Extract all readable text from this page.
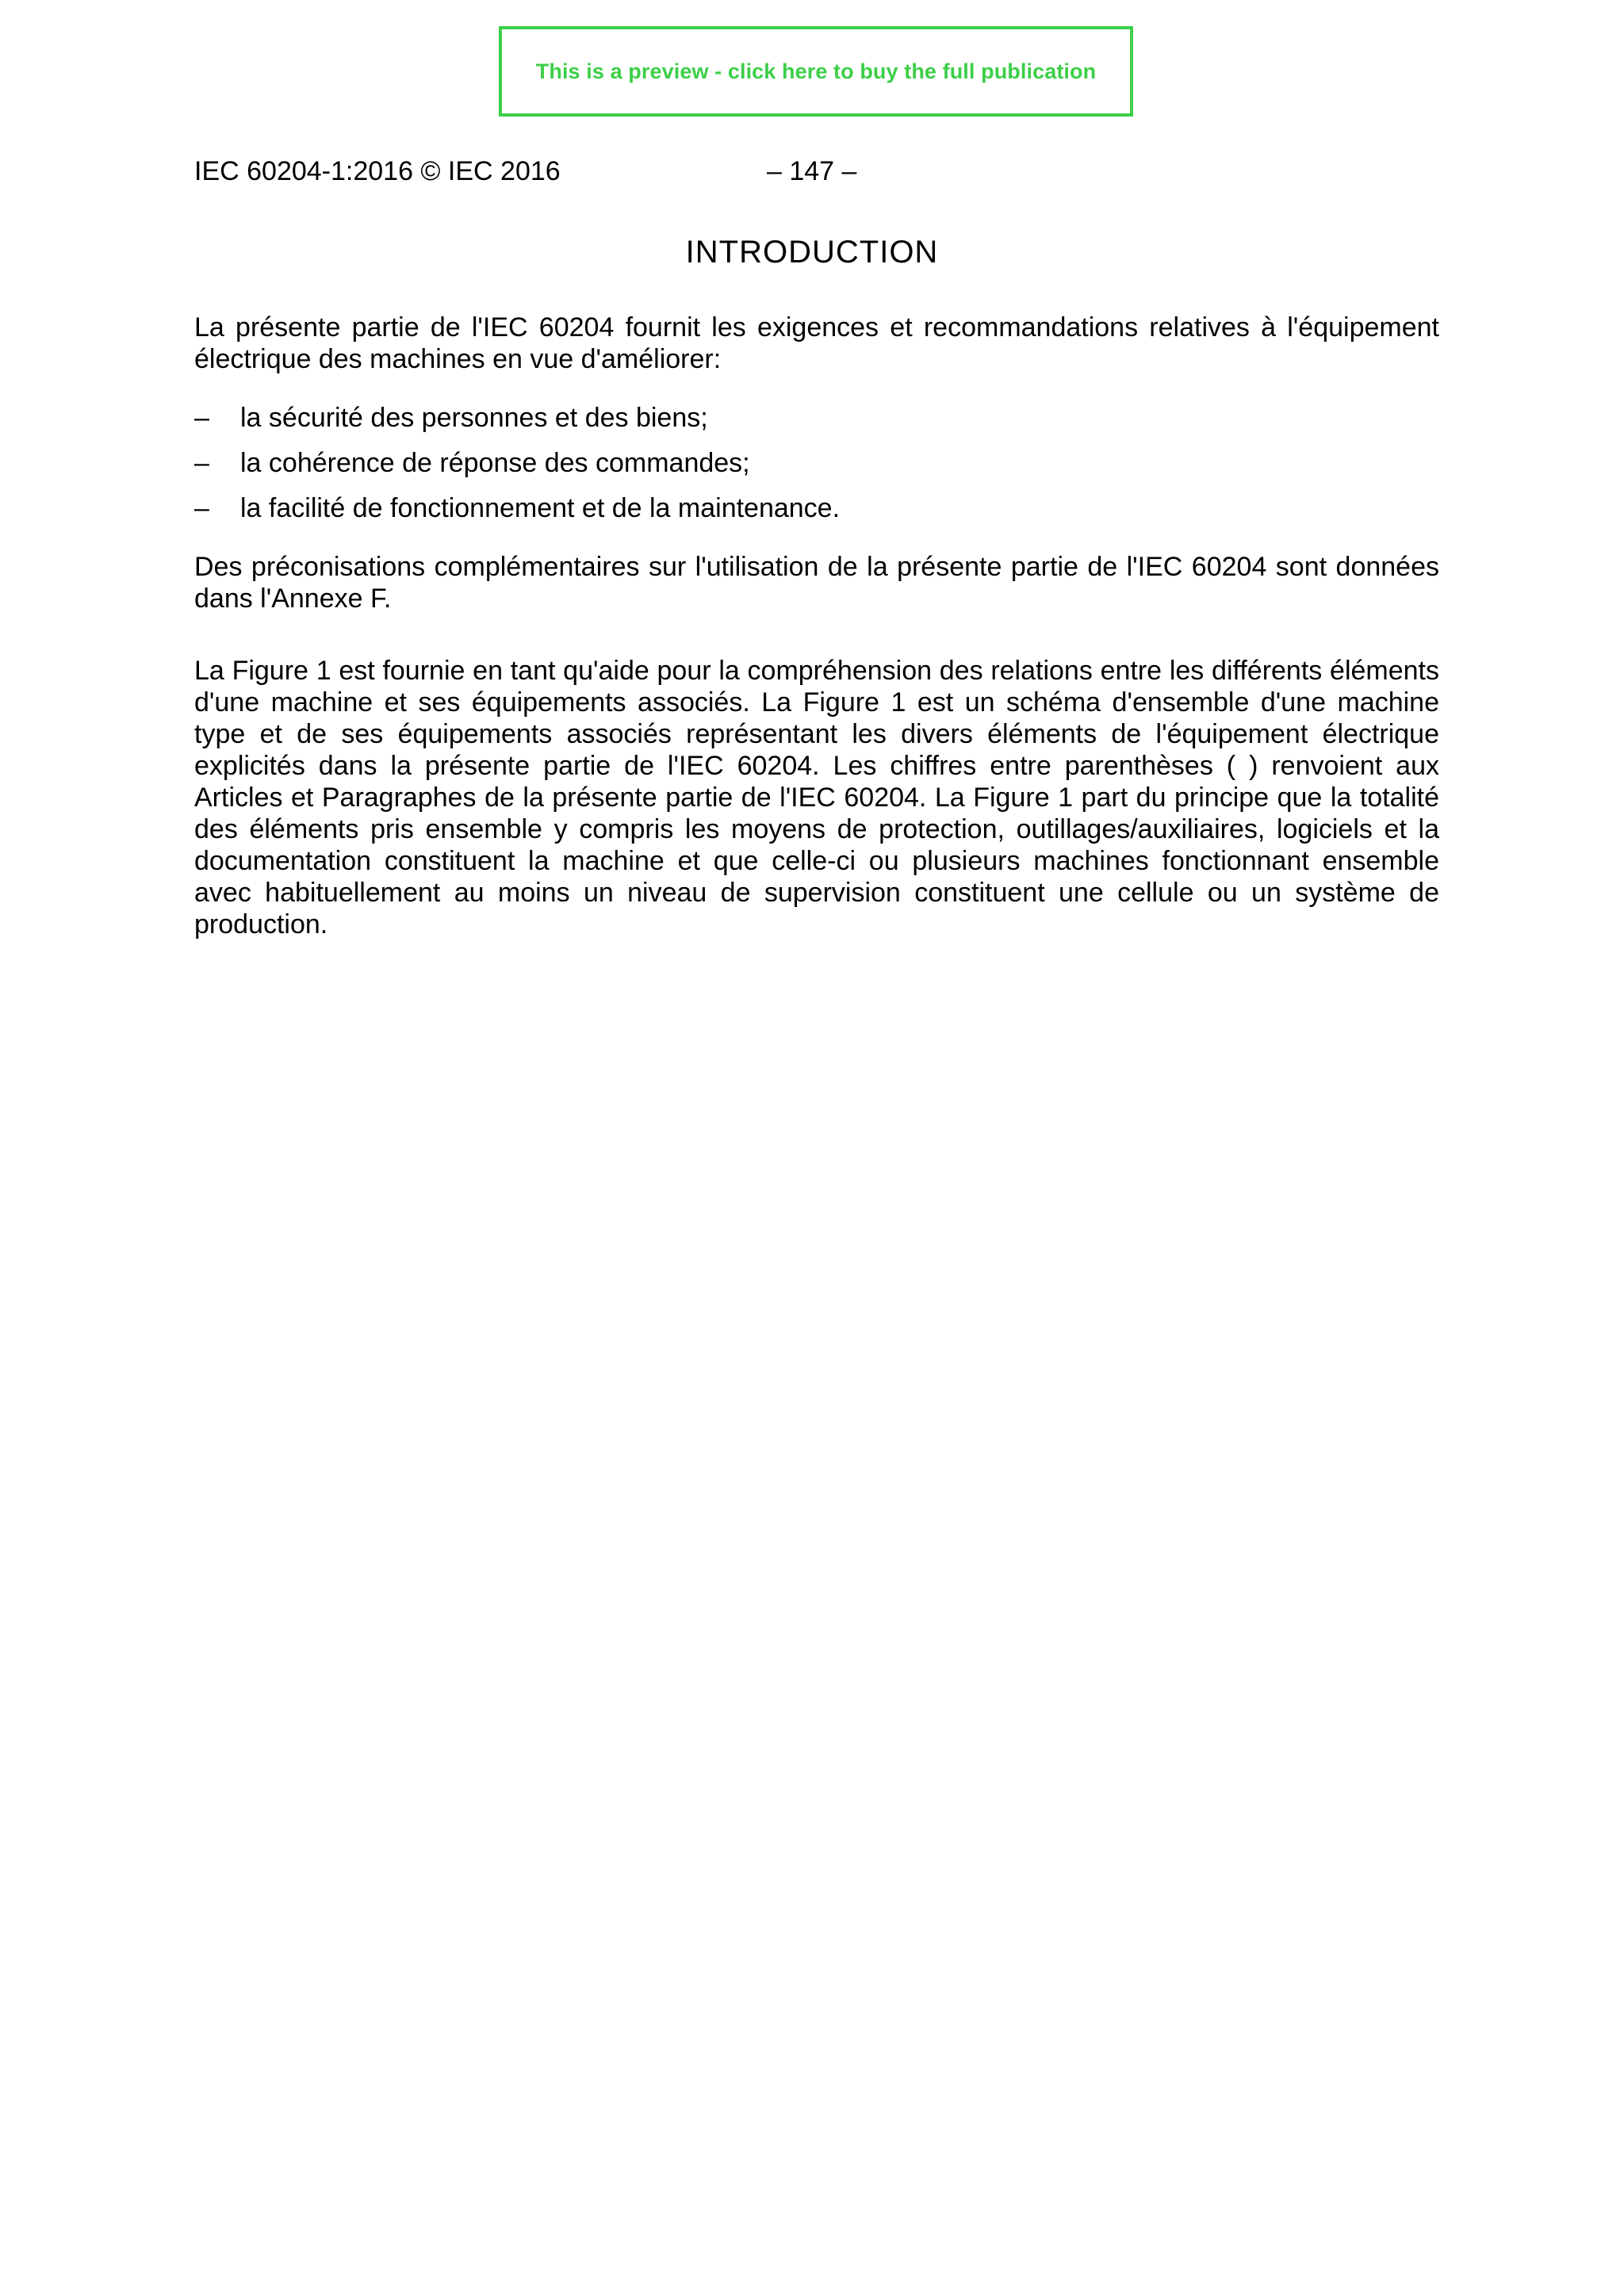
This is a preview - click here to buy the full publication
IEC 60204-1:2016 © IEC 2016	– 147 –
INTRODUCTION
La présente partie de l'IEC 60204 fournit les exigences et recommandations relatives à l'équipement électrique des machines en vue d'améliorer:
– la sécurité des personnes et des biens;
– la cohérence de réponse des commandes;
– la facilité de fonctionnement et de la maintenance.
Des préconisations complémentaires sur l'utilisation de la présente partie de l'IEC 60204 sont données dans l'Annexe F.
La Figure 1 est fournie en tant qu'aide pour la compréhension des relations entre les différents éléments d'une machine et ses équipements associés. La Figure 1 est un schéma d'ensemble d'une machine type et de ses équipements associés représentant les divers éléments de l'équipement électrique explicités dans la présente partie de l'IEC 60204. Les chiffres entre parenthèses ( ) renvoient aux Articles et Paragraphes de la présente partie de l'IEC 60204. La Figure 1 part du principe que la totalité des éléments pris ensemble y compris les moyens de protection, outillages/auxiliaires, logiciels et la documentation constituent la machine et que celle-ci ou plusieurs machines fonctionnant ensemble avec habituellement au moins un niveau de supervision constituent une cellule ou un système de production.
